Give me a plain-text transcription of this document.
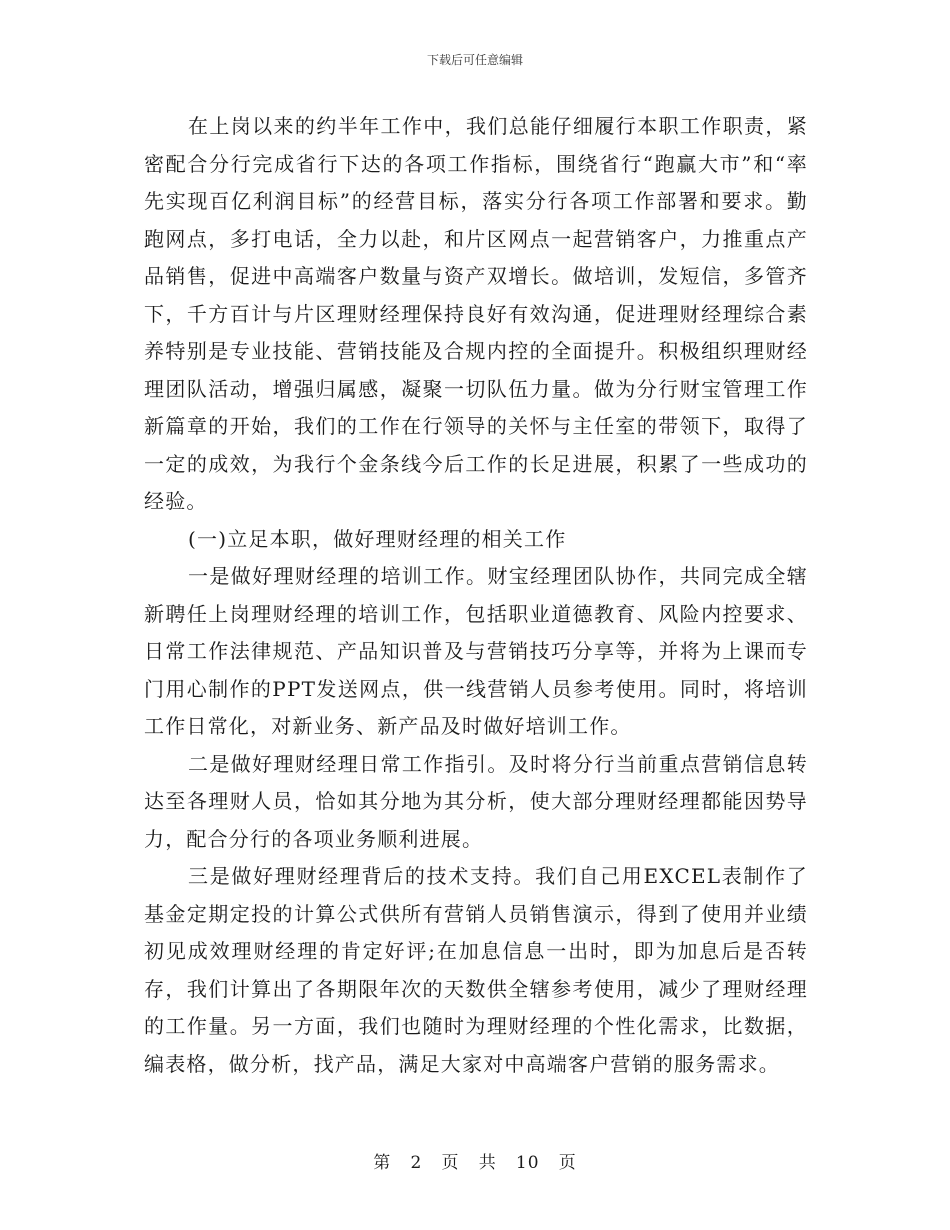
下载后可任意编辑

在上岗以来的约半年工作中，我们总能仔细履行本职工作职责，紧密配合分行完成省行下达的各项工作指标，围绕省行“跑赢大市”和“率先实现百亿利润目标”的经营目标，落实分行各项工作部署和要求。勤跑网点，多打电话，全力以赴，和片区网点一起营销客户，力推重点产品销售，促进中高端客户数量与资产双增长。做培训，发短信，多管齐下，千方百计与片区理财经理保持良好有效沟通，促进理财经理综合素养特别是专业技能、营销技能及合规内控的全面提升。积极组织理财经理团队活动，增强归属感，凝聚一切队伍力量。做为分行财宝管理工作新篇章的开始，我们的工作在行领导的关怀与主任室的带领下，取得了一定的成效，为我行个金条线今后工作的长足进展，积累了一些成功的经验。

(一)立足本职，做好理财经理的相关工作

一是做好理财经理的培训工作。财宝经理团队协作，共同完成全辖新聘任上岗理财经理的培训工作，包括职业道德教育、风险内控要求、日常工作法律规范、产品知识普及与营销技巧分享等，并将为上课而专门用心制作的PPT发送网点，供一线营销人员参考使用。同时，将培训工作日常化，对新业务、新产品及时做好培训工作。

二是做好理财经理日常工作指引。及时将分行当前重点营销信息转达至各理财人员，恰如其分地为其分析，使大部分理财经理都能因势导力，配合分行的各项业务顺利进展。

三是做好理财经理背后的技术支持。我们自己用EXCEL表制作了基金定期定投的计算公式供所有营销人员销售演示，得到了使用并业绩初见成效理财经理的肯定好评;在加息信息一出时，即为加息后是否转存，我们计算出了各期限年次的天数供全辖参考使用，减少了理财经理的工作量。另一方面，我们也随时为理财经理的个性化需求，比数据，编表格，做分析，找产品，满足大家对中高端客户营销的服务需求。

第 2 页 共 10 页
